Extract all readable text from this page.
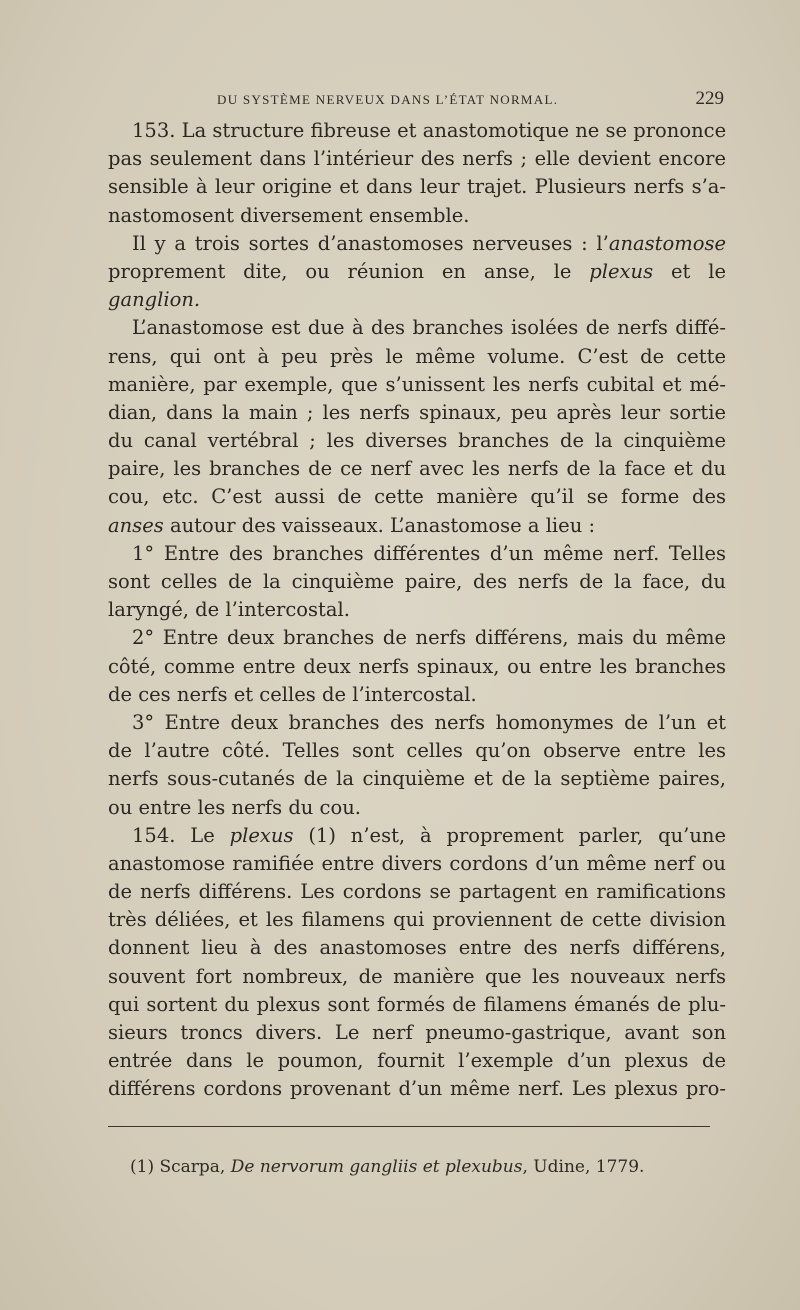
DU SYSTÈME NERVEUX DANS L’ÉTAT NORMAL.	229
153. La structure fibreuse et anastomotique ne se prononce
pas seulement dans l’intérieur des nerfs ; elle devient encore
sensible à leur origine et dans leur trajet. Plusieurs nerfs s’a-
nastomosent diversement ensemble.
Il y a trois sortes d’anastomoses nerveuses : l’anastomose
proprement dite, ou réunion en anse, le plexus et le
ganglion.
L’anastomose est due à des branches isolées de nerfs diffé-
rens, qui ont à peu près le même volume. C’est de cette
manière, par exemple, que s’unissent les nerfs cubital et mé-
dian, dans la main ; les nerfs spinaux, peu après leur sortie
du canal vertébral ; les diverses branches de la cinquième
paire, les branches de ce nerf avec les nerfs de la face et du
cou, etc. C’est aussi de cette manière qu’il se forme des
anses autour des vaisseaux. L’anastomose a lieu :
1° Entre des branches différentes d’un même nerf. Telles
sont celles de la cinquième paire, des nerfs de la face, du
laryngé, de l’intercostal.
2° Entre deux branches de nerfs différens, mais du même
côté, comme entre deux nerfs spinaux, ou entre les branches
de ces nerfs et celles de l’intercostal.
3° Entre deux branches des nerfs homonymes de l’un et
de l’autre côté. Telles sont celles qu’on observe entre les
nerfs sous-cutanés de la cinquième et de la septième paires,
ou entre les nerfs du cou.
154. Le plexus (1) n’est, à proprement parler, qu’une
anastomose ramifiée entre divers cordons d’un même nerf ou
de nerfs différens. Les cordons se partagent en ramifications
très déliées, et les filamens qui proviennent de cette division
donnent lieu à des anastomoses entre des nerfs différens,
souvent fort nombreux, de manière que les nouveaux nerfs
qui sortent du plexus sont formés de filamens émanés de plu-
sieurs troncs divers. Le nerf pneumo-gastrique, avant son
entrée dans le poumon, fournit l’exemple d’un plexus de
différens cordons provenant d’un même nerf. Les plexus pro-
(1) Scarpa, De nervorum gangliis et plexubus, Udine, 1779.
